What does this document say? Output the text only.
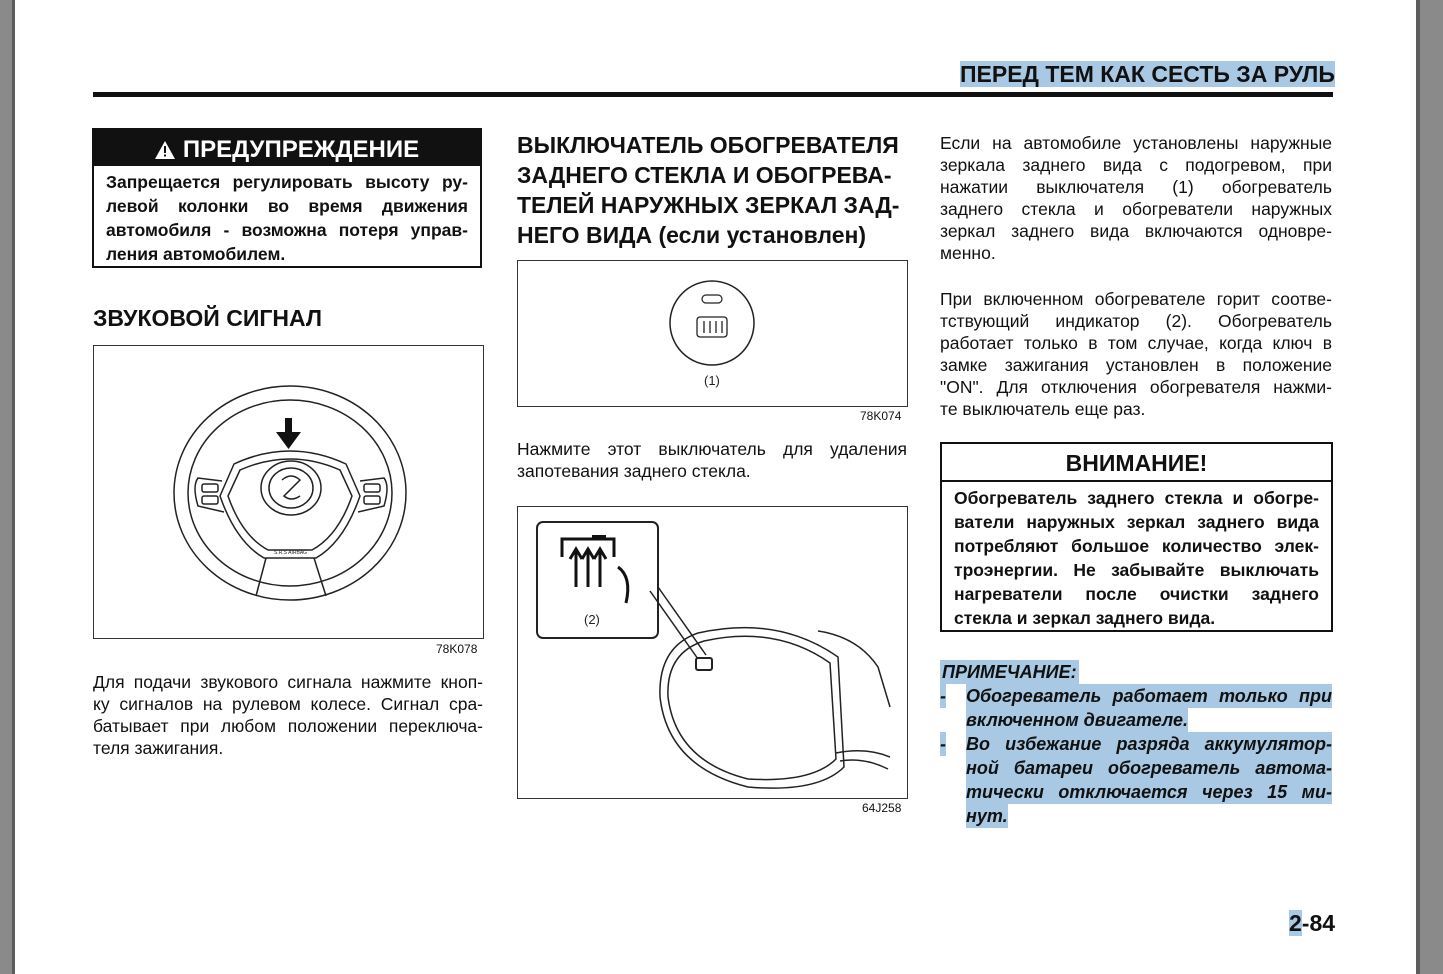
ПЕРЕД ТЕМ КАК СЕСТЬ ЗА РУЛЬ
ПРЕДУПРЕЖДЕНИЕ
Запрещается регулировать высоту ру-
левой колонки во время движения
автомобиля - возможна потеря управ-
ления автомобилем.
ЗВУКОВОЙ СИГНАЛ
S.R.S AIRBAG
78K078
Для подачи звукового сигнала нажмите кноп-
ку сигналов на рулевом колесе. Сигнал сра-
батывает при любом положении переключа-
теля зажигания.
ВЫКЛЮЧАТЕЛЬ ОБОГРЕВАТЕЛЯ
ЗАДНЕГО СТЕКЛА И ОБОГРЕВА-
ТЕЛЕЙ НАРУЖНЫХ ЗЕРКАЛ ЗАД-
НЕГО ВИДА (если установлен)
(1)
78K074
Нажмите этот выключатель для удаления
запотевания заднего стекла.
(2)
64J258
Если на автомобиле установлены наружные
зеркала заднего вида с подогревом, при
нажатии выключателя (1) обогреватель
заднего стекла и обогреватели наружных
зеркал заднего вида включаются одновре-
менно.
При включенном обогревателе горит соотве-
тствующий индикатор (2). Обогреватель
работает только в том случае, когда ключ в
замке зажигания установлен в положение
"ON". Для отключения обогревателя нажми-
те выключатель еще раз.
ВНИМАНИЕ!
Обогреватель заднего стекла и обогре-
ватели наружных зеркал заднего вида
потребляют большое количество элек-
троэнергии. Не забывайте выключать
нагреватели после очистки заднего
стекла и зеркал заднего вида.
ПРИМЕЧАНИЕ:
- Обогреватель работает только при
включенном двигателе.
- Во избежание разряда аккумулятор-
ной батареи обогреватель автома-
тически отключается через 15 ми-
нут.
2-84
